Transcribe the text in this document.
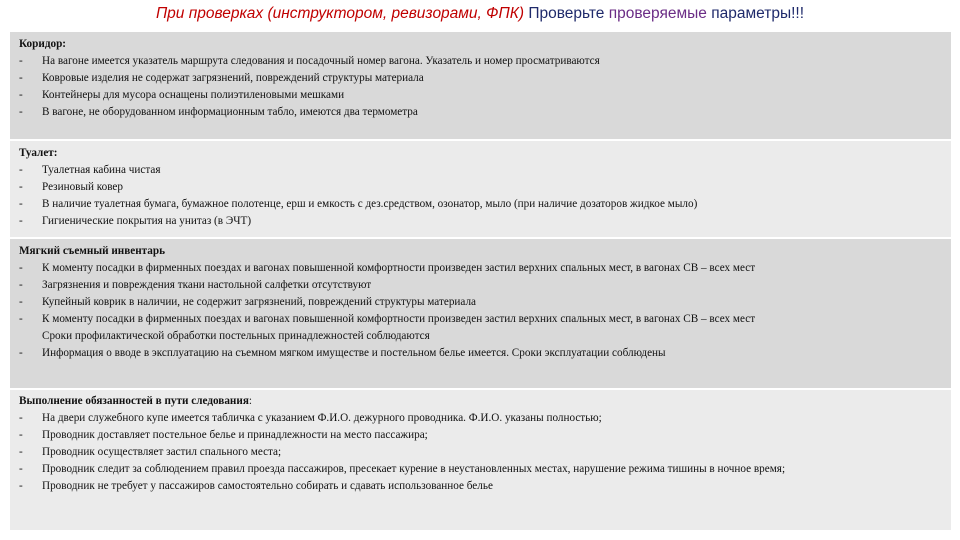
При проверках (инструктором, ревизорами, ФПК) Проверьте проверяемые параметры!!!
Коридор:
- На вагоне имеется указатель маршрута следования и посадочный номер вагона. Указатель и номер просматриваются
- Ковровые изделия не содержат загрязнений, повреждений структуры материала
- Контейнеры для мусора оснащены полиэтиленовыми мешками
- В вагоне, не оборудованном информационным табло, имеются два термометра
Туалет:
- Туалетная кабина чистая
- Резиновый ковер
- В наличие туалетная бумага, бумажное полотенце, ерш и емкость с дез.средством, озонатор, мыло (при наличие дозаторов жидкое мыло)
- Гигиенические покрытия на унитаз (в ЭЧТ)
Мягкий съемный инвентарь
- К моменту посадки в фирменных поездах и вагонах повышенной комфортности произведен застил верхних спальных мест, в вагонах СВ – всех мест
- Загрязнения и повреждения ткани настольной салфетки отсутствуют
- Купейный коврик в наличии, не содержит загрязнений, повреждений структуры материала
- К моменту посадки в фирменных поездах и вагонах повышенной комфортности произведен застил верхних спальных мест, в вагонах СВ – всех мест
Сроки профилактической обработки постельных принадлежностей соблюдаются
- Информация о вводе в эксплуатацию на съемном мягком имуществе и постельном белье имеется. Сроки эксплуатации соблюдены
Выполнение обязанностей в пути следования:
- На двери служебного купе имеется табличка с указанием Ф.И.О. дежурного проводника. Ф.И.О. указаны полностью;
- Проводник доставляет постельное белье и принадлежности на место пассажира;
- Проводник осуществляет застил спального места;
- Проводник следит за соблюдением правил проезда пассажиров, пресекает курение в неустановленных местах, нарушение режима тишины в ночное время;
- Проводник не требует у пассажиров самостоятельно собирать и сдавать использованное белье
